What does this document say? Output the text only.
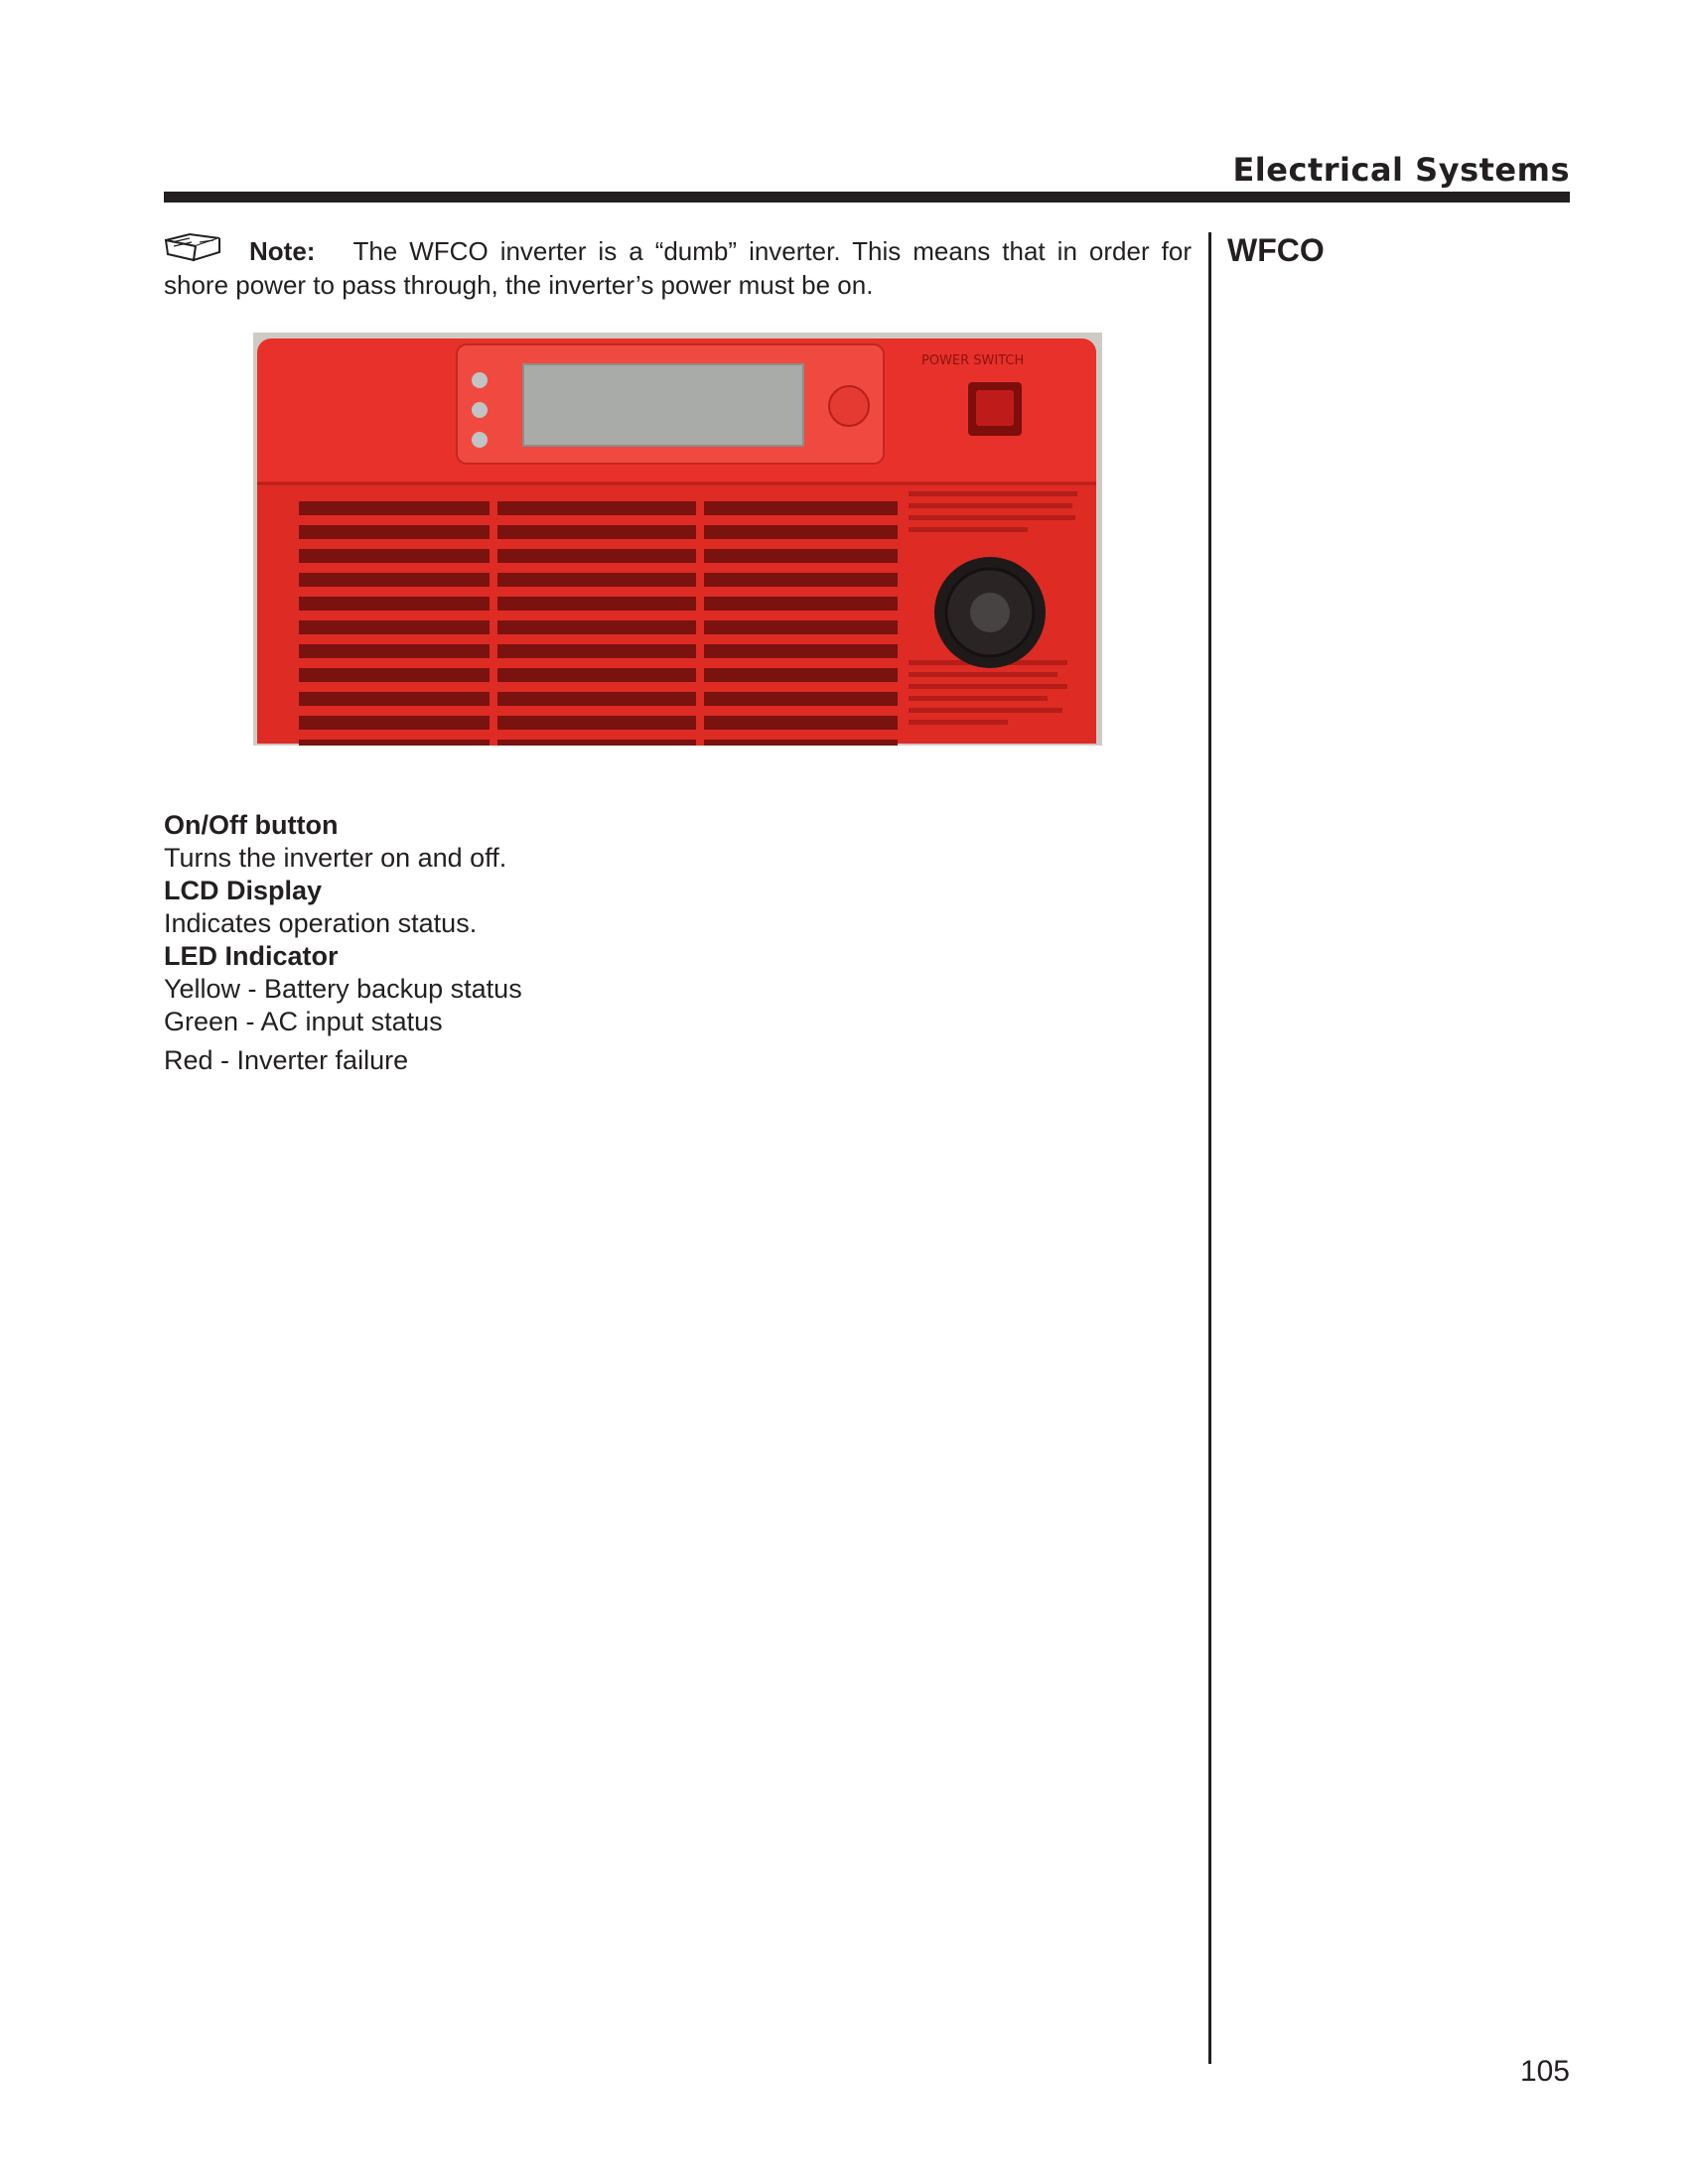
Electrical Systems
WFCO
Note: The WFCO inverter is a “dumb” inverter. This means that in order for shore power to pass through, the inverter’s power must be on.
POWER SWITCH
On/Off button
Turns the inverter on and off.
LCD Display
Indicates operation status.
LED Indicator
Yellow - Battery backup status
Green - AC input status
Red - Inverter failure
105
